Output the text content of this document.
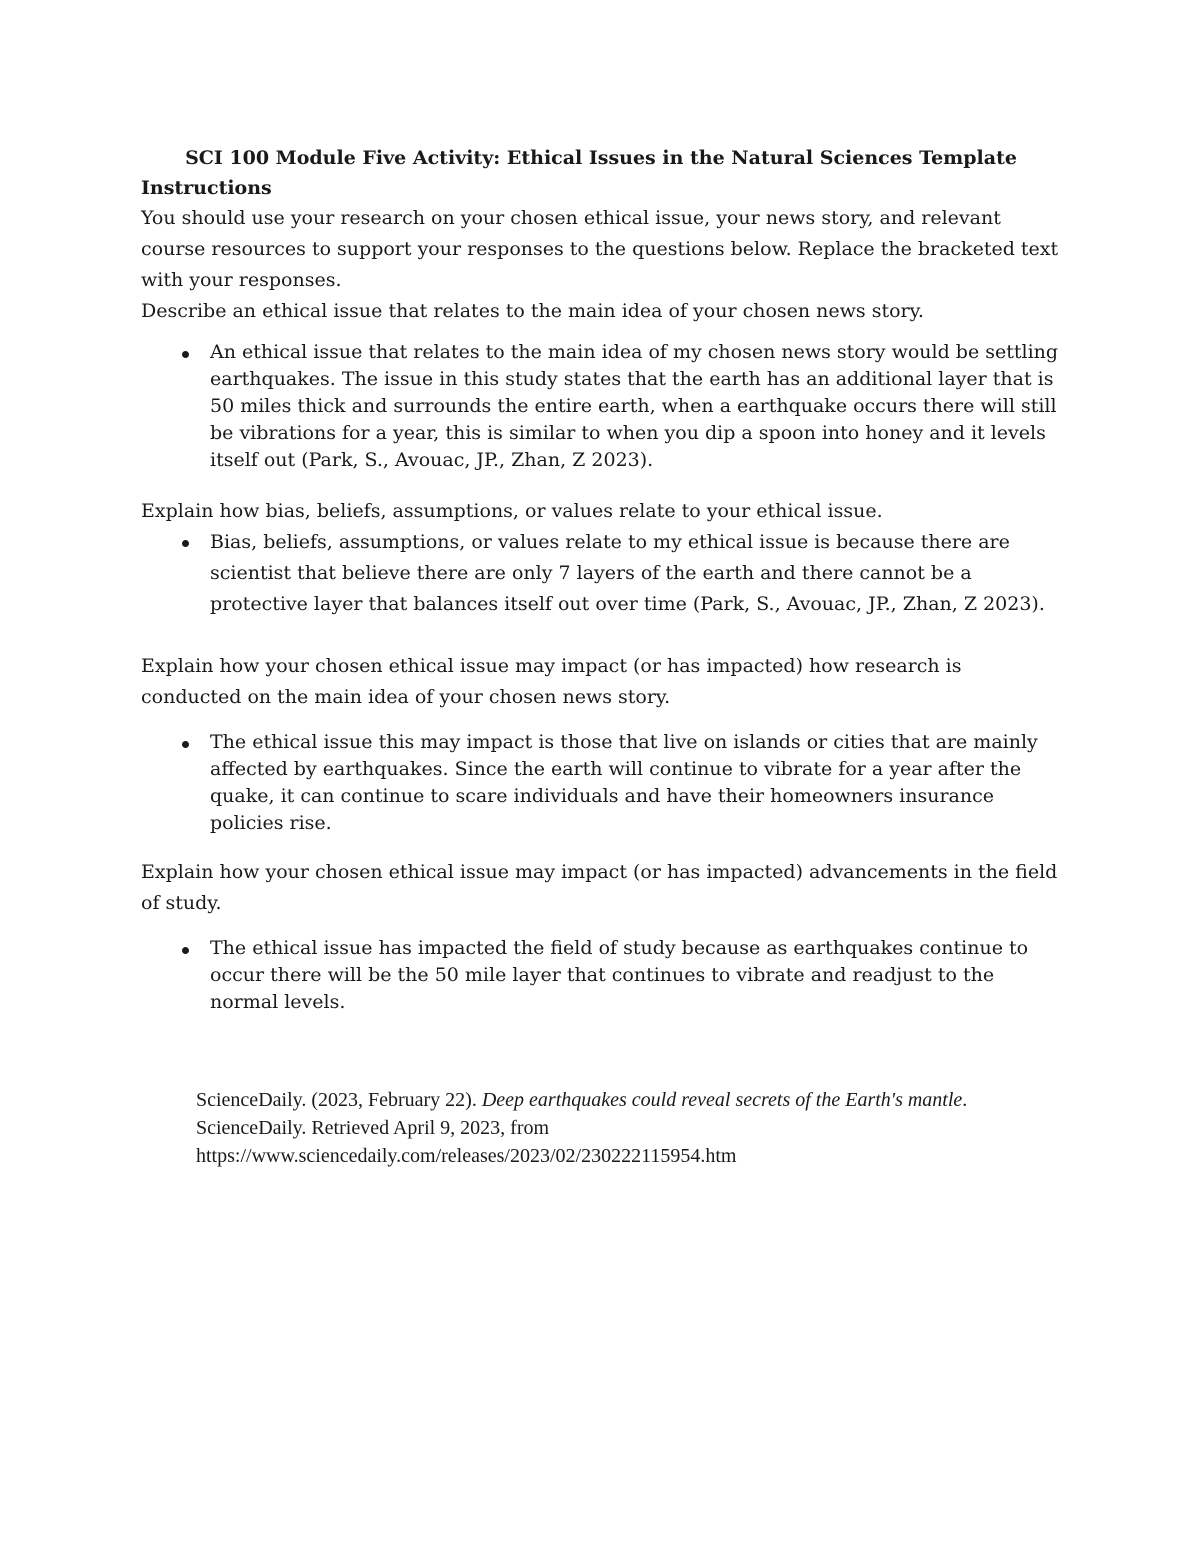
SCI 100 Module Five Activity: Ethical Issues in the Natural Sciences Template

Instructions

You should use your research on your chosen ethical issue, your news story, and relevant course resources to support your responses to the questions below. Replace the bracketed text with your responses.

Describe an ethical issue that relates to the main idea of your chosen news story.

An ethical issue that relates to the main idea of my chosen news story would be settling earthquakes. The issue in this study states that the earth has an additional layer that is 50 miles thick and surrounds the entire earth, when a earthquake occurs there will still be vibrations for a year, this is similar to when you dip a spoon into honey and it levels itself out (Park, S., Avouac, JP., Zhan, Z 2023).

Explain how bias, beliefs, assumptions, or values relate to your ethical issue.

Bias, beliefs, assumptions, or values relate to my ethical issue is because there are scientist that believe there are only 7 layers of the earth and there cannot be a protective layer that balances itself out over time (Park, S., Avouac, JP., Zhan, Z 2023).

Explain how your chosen ethical issue may impact (or has impacted) how research is conducted on the main idea of your chosen news story.

The ethical issue this may impact is those that live on islands or cities that are mainly affected by earthquakes. Since the earth will continue to vibrate for a year after the quake, it can continue to scare individuals and have their homeowners insurance policies rise.

Explain how your chosen ethical issue may impact (or has impacted) advancements in the field of study.

The ethical issue has impacted the field of study because as earthquakes continue to occur there will be the 50 mile layer that continues to vibrate and readjust to the normal levels.

ScienceDaily. (2023, February 22). Deep earthquakes could reveal secrets of the Earth's mantle. ScienceDaily. Retrieved April 9, 2023, from https://www.sciencedaily.com/releases/2023/02/230222115954.htm
